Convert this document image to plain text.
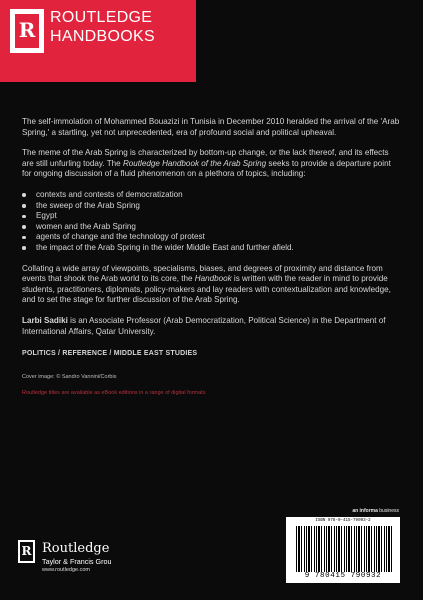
R
ROUTLEDGE
HANDBOOKS

The self-immolation of Mohammed Bouazizi in Tunisia in December 2010 heralded the arrival of the 'Arab Spring,' a startling, yet not unprecedented, era of profound social and political upheaval.

The meme of the Arab Spring is characterized by bottom-up change, or the lack thereof, and its effects are still unfurling today. The Routledge Handbook of the Arab Spring seeks to provide a departure point for ongoing discussion of a fluid phenomenon on a plethora of topics, including:

contexts and contests of democratization
the sweep of the Arab Spring
Egypt
women and the Arab Spring
agents of change and the technology of protest
the impact of the Arab Spring in the wider Middle East and further afield.

Collating a wide array of viewpoints, specialisms, biases, and degrees of proximity and distance from events that shook the Arab world to its core, the Handbook is written with the reader in mind to provide students, practitioners, diplomats, policy-makers and lay readers with contextualization and knowledge, and to set the stage for further discussion of the Arab Spring.

Larbi Sadiki is an Associate Professor (Arab Democratization, Political Science) in the Department of International Affairs, Qatar University.

POLITICS / REFERENCE / MIDDLE EAST STUDIES

Cover image: © Sandro Vannini/Corbis

Routledge titles are available as eBook editions in a range of digital formats

an informa business
ISBN 978-0-415-79093-2
9 780415 790932
R Routledge
Taylor & Francis Grou
www.routledge.com
